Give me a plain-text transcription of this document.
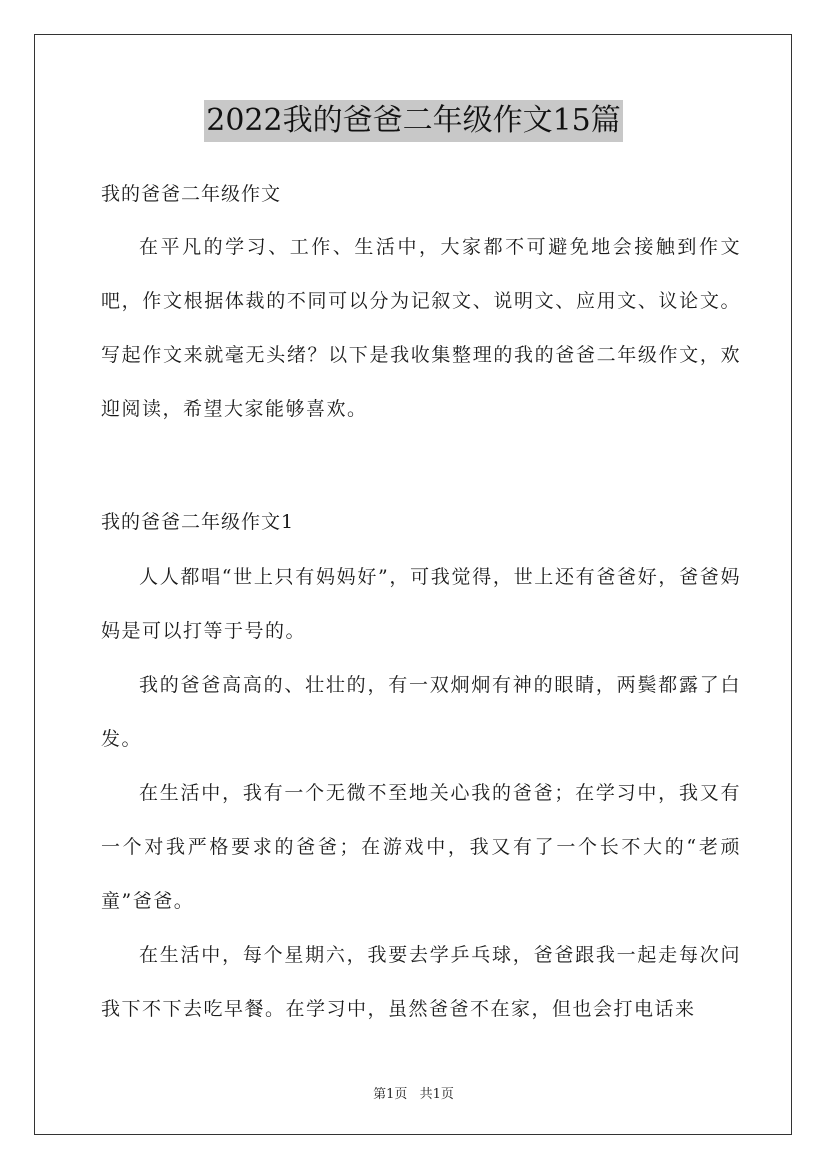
2022我的爸爸二年级作文15篇

我的爸爸二年级作文

在平凡的学习、工作、生活中，大家都不可避免地会接触到作文吧，作文根据体裁的不同可以分为记叙文、说明文、应用文、议论文。写起作文来就毫无头绪？以下是我收集整理的我的爸爸二年级作文，欢迎阅读，希望大家能够喜欢。

我的爸爸二年级作文1

人人都唱“世上只有妈妈好”，可我觉得，世上还有爸爸好，爸爸妈妈是可以打等于号的。

我的爸爸高高的、壮壮的，有一双炯炯有神的眼睛，两鬓都露了白发。

在生活中，我有一个无微不至地关心我的爸爸；在学习中，我又有一个对我严格要求的爸爸；在游戏中，我又有了一个长不大的“老顽童”爸爸。

在生活中，每个星期六，我要去学乒乓球，爸爸跟我一起走每次问我下不下去吃早餐。在学习中，虽然爸爸不在家，但也会打电话来

第1页 共1页
